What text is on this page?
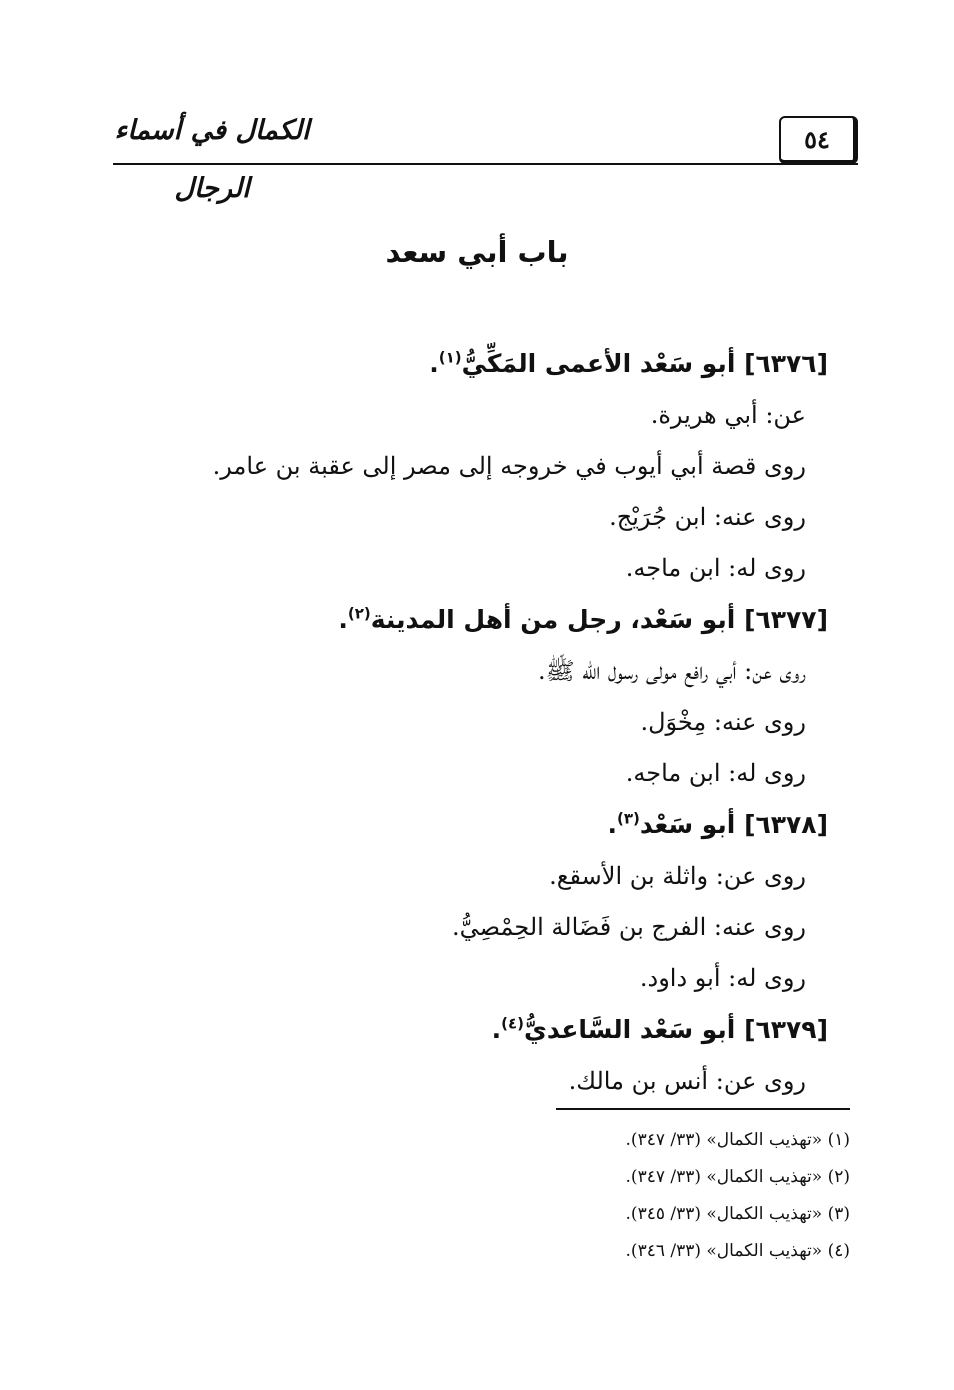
٥٤
الكمال في أسماء الرجال
باب أبي سعد
[٦٣٧٦] أبو سَعْد الأعمى المَكِّيُّ$^{(١)}$.
عن: أبي هريرة.
روى قصة أبي أيوب في خروجه إلى مصر إلى عقبة بن عامر.
روى عنه: ابن جُرَيْج.
روى له: ابن ماجه.
[٦٣٧٧] أبو سَعْد، رجل من أهل المدينة$^{(٢)}$.
روى عن: أبي رافع مولى رسول الله ﷺ.
روى عنه: مِخْوَل.
روى له: ابن ماجه.
[٦٣٧٨] أبو سَعْد$^{(٣)}$.
روى عن: واثلة بن الأسقع.
روى عنه: الفرج بن فَضَالة الحِمْصِيُّ.
روى له: أبو داود.
[٦٣٧٩] أبو سَعْد السَّاعديُّ$^{(٤)}$.
روى عن: أنس بن مالك.
(١) «تهذيب الكمال» (٣٣/ ٣٤٧).
(٢) «تهذيب الكمال» (٣٣/ ٣٤٧).
(٣) «تهذيب الكمال» (٣٣/ ٣٤٥).
(٤) «تهذيب الكمال» (٣٣/ ٣٤٦).
